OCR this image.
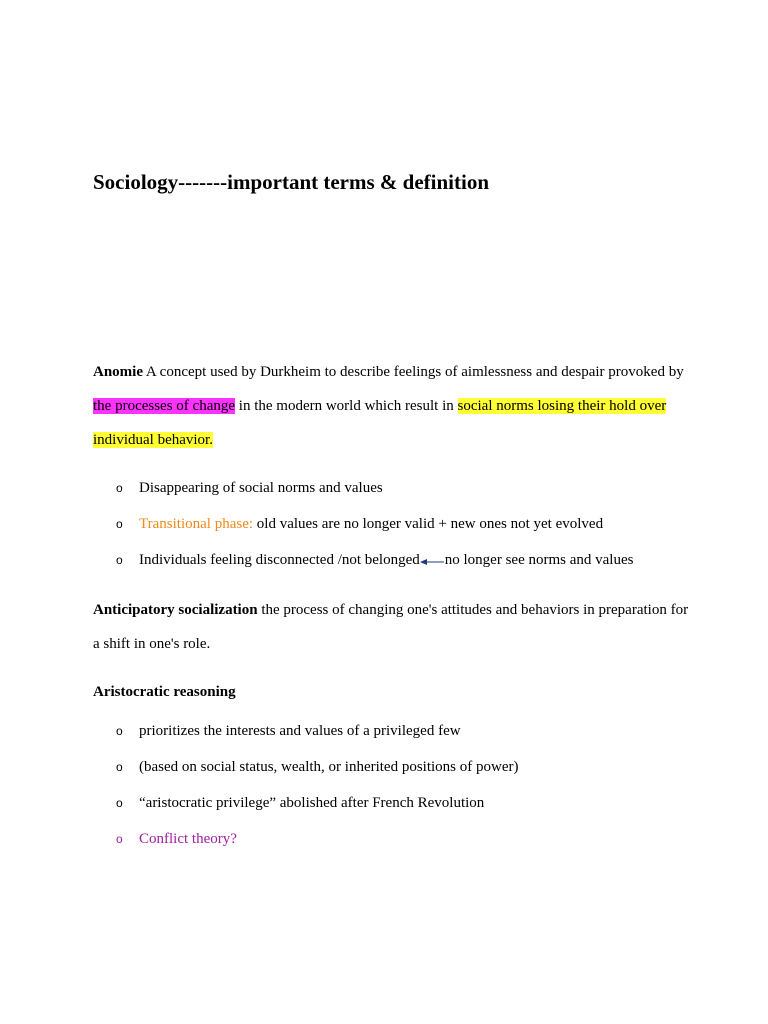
Sociology-------important terms & definition

Anomie A concept used by Durkheim to describe feelings of aimlessness and despair provoked by the processes of change in the modern world which result in social norms losing their hold over individual behavior.

o Disappearing of social norms and values
o Transitional phase: old values are no longer valid + new ones not yet evolved
o Individuals feeling disconnected /not belonged no longer see norms and values

Anticipatory socialization the process of changing one's attitudes and behaviors in preparation for a shift in one's role.

Aristocratic reasoning
o prioritizes the interests and values of a privileged few
o (based on social status, wealth, or inherited positions of power)
o “aristocratic privilege” abolished after French Revolution
o Conflict theory?
